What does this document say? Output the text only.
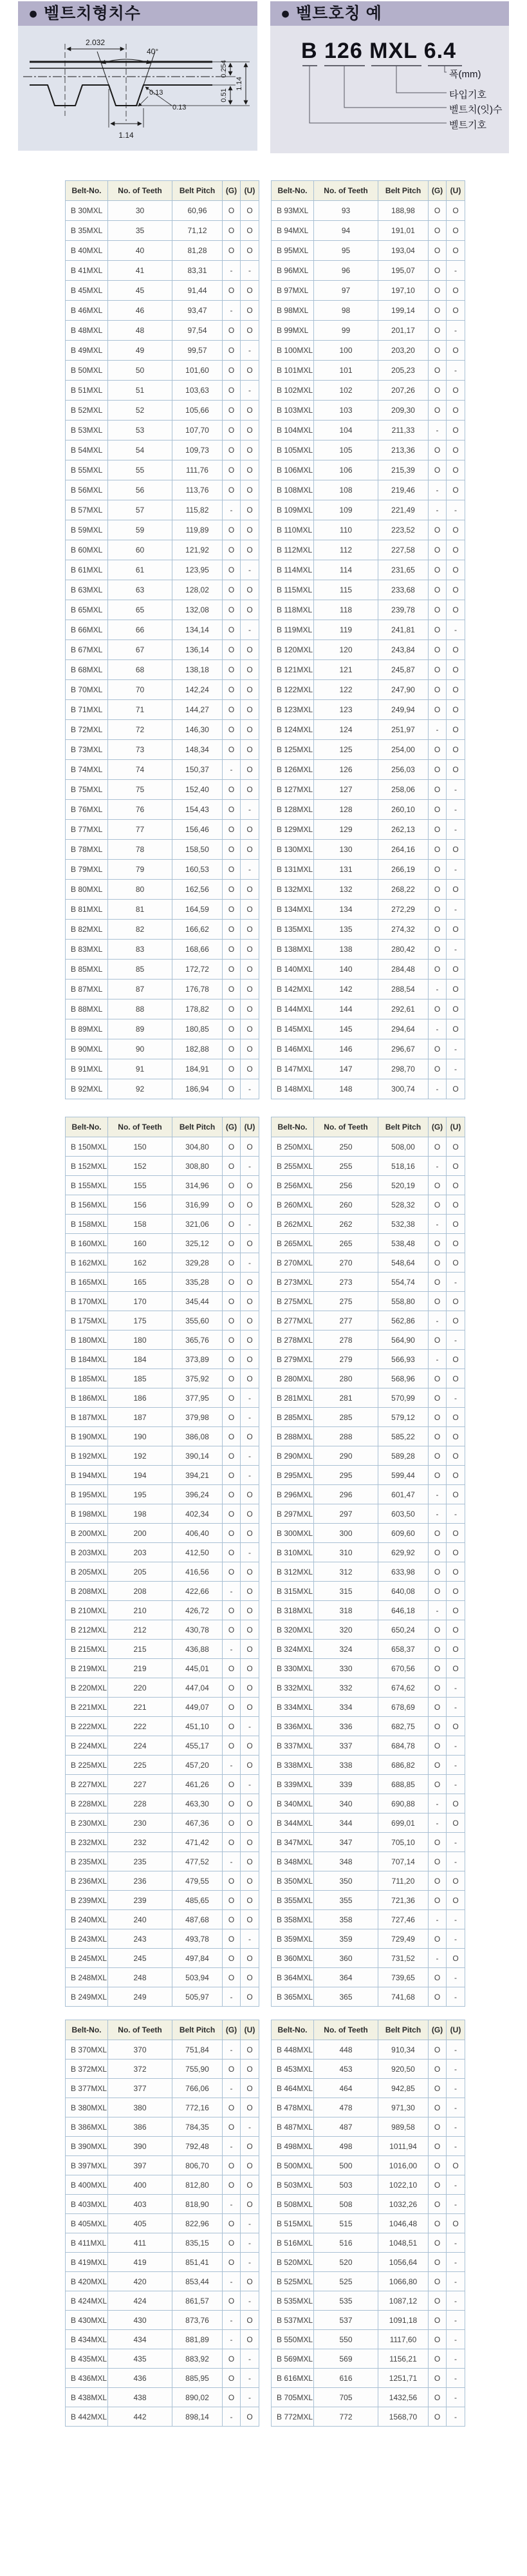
● 벨트치형치수
2.032
40°
0.254
0.51
1.14
0.13
0.13
1.14
● 벨트호칭 예
B 126 MXL 6.4
폭(mm)
타입기호
벨트치(잇)수
벨트기호
Belt-No.	No. of Teeth	Belt Pitch	(G)	(U)
B 30MXL	30	60,96	O	O
B 35MXL	35	71,12	O	O
B 40MXL	40	81,28	O	O
B 41MXL	41	83,31	-	-
B 45MXL	45	91,44	O	O
B 46MXL	46	93,47	-	O
B 48MXL	48	97,54	O	O
B 49MXL	49	99,57	O	-
B 50MXL	50	101,60	O	O
B 51MXL	51	103,63	O	-
B 52MXL	52	105,66	O	O
B 53MXL	53	107,70	O	O
B 54MXL	54	109,73	O	O
B 55MXL	55	111,76	O	O
B 56MXL	56	113,76	O	O
B 57MXL	57	115,82	-	O
B 59MXL	59	119,89	O	O
B 60MXL	60	121,92	O	O
B 61MXL	61	123,95	O	-
B 63MXL	63	128,02	O	O
B 65MXL	65	132,08	O	O
B 66MXL	66	134,14	O	-
B 67MXL	67	136,14	O	O
B 68MXL	68	138,18	O	O
B 70MXL	70	142,24	O	O
B 71MXL	71	144,27	O	O
B 72MXL	72	146,30	O	O
B 73MXL	73	148,34	O	O
B 74MXL	74	150,37	-	O
B 75MXL	75	152,40	O	O
B 76MXL	76	154,43	O	-
B 77MXL	77	156,46	O	O
B 78MXL	78	158,50	O	O
B 79MXL	79	160,53	O	-
B 80MXL	80	162,56	O	O
B 81MXL	81	164,59	O	O
B 82MXL	82	166,62	O	O
B 83MXL	83	168,66	O	O
B 85MXL	85	172,72	O	O
B 87MXL	87	176,78	O	O
B 88MXL	88	178,82	O	O
B 89MXL	89	180,85	O	O
B 90MXL	90	182,88	O	O
B 91MXL	91	184,91	O	O
B 92MXL	92	186,94	O	-
Belt-No.	No. of Teeth	Belt Pitch	(G)	(U)
B 93MXL	93	188,98	O	O
B 94MXL	94	191,01	O	O
B 95MXL	95	193,04	O	O
B 96MXL	96	195,07	O	-
B 97MXL	97	197,10	O	O
B 98MXL	98	199,14	O	O
B 99MXL	99	201,17	O	-
B 100MXL	100	203,20	O	O
B 101MXL	101	205,23	O	-
B 102MXL	102	207,26	O	O
B 103MXL	103	209,30	O	O
B 104MXL	104	211,33	-	O
B 105MXL	105	213,36	O	O
B 106MXL	106	215,39	O	O
B 108MXL	108	219,46	-	O
B 109MXL	109	221,49	-	-
B 110MXL	110	223,52	O	O
B 112MXL	112	227,58	O	O
B 114MXL	114	231,65	O	O
B 115MXL	115	233,68	O	O
B 118MXL	118	239,78	O	O
B 119MXL	119	241,81	O	-
B 120MXL	120	243,84	O	O
B 121MXL	121	245,87	O	O
B 122MXL	122	247,90	O	O
B 123MXL	123	249,94	O	O
B 124MXL	124	251,97	-	O
B 125MXL	125	254,00	O	O
B 126MXL	126	256,03	O	O
B 127MXL	127	258,06	O	-
B 128MXL	128	260,10	O	-
B 129MXL	129	262,13	O	-
B 130MXL	130	264,16	O	O
B 131MXL	131	266,19	O	-
B 132MXL	132	268,22	O	O
B 134MXL	134	272,29	O	-
B 135MXL	135	274,32	O	O
B 138MXL	138	280,42	O	-
B 140MXL	140	284,48	O	O
B 142MXL	142	288,54	-	O
B 144MXL	144	292,61	O	O
B 145MXL	145	294,64	-	O
B 146MXL	146	296,67	O	-
B 147MXL	147	298,70	O	-
B 148MXL	148	300,74	-	O
Belt-No.	No. of Teeth	Belt Pitch	(G)	(U)
B 150MXL	150	304,80	O	O
B 152MXL	152	308,80	O	-
B 155MXL	155	314,96	O	O
B 156MXL	156	316,99	O	O
B 158MXL	158	321,06	O	-
B 160MXL	160	325,12	O	O
B 162MXL	162	329,28	O	-
B 165MXL	165	335,28	O	O
B 170MXL	170	345,44	O	O
B 175MXL	175	355,60	O	O
B 180MXL	180	365,76	O	O
B 184MXL	184	373,89	O	O
B 185MXL	185	375,92	O	O
B 186MXL	186	377,95	O	-
B 187MXL	187	379,98	O	-
B 190MXL	190	386,08	O	O
B 192MXL	192	390,14	O	-
B 194MXL	194	394,21	O	-
B 195MXL	195	396,24	O	O
B 198MXL	198	402,34	O	O
B 200MXL	200	406,40	O	O
B 203MXL	203	412,50	O	-
B 205MXL	205	416,56	O	O
B 208MXL	208	422,66	-	O
B 210MXL	210	426,72	O	O
B 212MXL	212	430,78	O	O
B 215MXL	215	436,88	-	O
B 219MXL	219	445,01	O	O
B 220MXL	220	447,04	O	O
B 221MXL	221	449,07	O	O
B 222MXL	222	451,10	O	-
B 224MXL	224	455,17	O	O
B 225MXL	225	457,20	-	O
B 227MXL	227	461,26	O	-
B 228MXL	228	463,30	O	O
B 230MXL	230	467,36	O	O
B 232MXL	232	471,42	O	O
B 235MXL	235	477,52	-	O
B 236MXL	236	479,55	O	O
B 239MXL	239	485,65	O	O
B 240MXL	240	487,68	O	O
B 243MXL	243	493,78	O	-
B 245MXL	245	497,84	O	O
B 248MXL	248	503,94	O	O
B 249MXL	249	505,97	-	O
Belt-No.	No. of Teeth	Belt Pitch	(G)	(U)
B 250MXL	250	508,00	O	O
B 255MXL	255	518,16	-	O
B 256MXL	256	520,19	O	O
B 260MXL	260	528,32	O	O
B 262MXL	262	532,38	-	O
B 265MXL	265	538,48	O	O
B 270MXL	270	548,64	O	O
B 273MXL	273	554,74	O	-
B 275MXL	275	558,80	O	O
B 277MXL	277	562,86	-	O
B 278MXL	278	564,90	O	-
B 279MXL	279	566,93	-	O
B 280MXL	280	568,96	O	O
B 281MXL	281	570,99	O	-
B 285MXL	285	579,12	O	O
B 288MXL	288	585,22	O	O
B 290MXL	290	589,28	O	O
B 295MXL	295	599,44	O	O
B 296MXL	296	601,47	-	O
B 297MXL	297	603,50	-	-
B 300MXL	300	609,60	O	O
B 310MXL	310	629,92	O	O
B 312MXL	312	633,98	O	O
B 315MXL	315	640,08	O	O
B 318MXL	318	646,18	-	O
B 320MXL	320	650,24	O	O
B 324MXL	324	658,37	O	O
B 330MXL	330	670,56	O	O
B 332MXL	332	674,62	O	-
B 334MXL	334	678,69	O	-
B 336MXL	336	682,75	O	O
B 337MXL	337	684,78	O	-
B 338MXL	338	686,82	O	-
B 339MXL	339	688,85	O	-
B 340MXL	340	690,88	-	O
B 344MXL	344	699,01	-	O
B 347MXL	347	705,10	O	-
B 348MXL	348	707,14	O	-
B 350MXL	350	711,20	O	O
B 355MXL	355	721,36	O	O
B 358MXL	358	727,46	-	-
B 359MXL	359	729,49	O	-
B 360MXL	360	731,52	-	O
B 364MXL	364	739,65	O	-
B 365MXL	365	741,68	O	-
Belt-No.	No. of Teeth	Belt Pitch	(G)	(U)
B 370MXL	370	751,84	-	O
B 372MXL	372	755,90	O	O
B 377MXL	377	766,06	-	O
B 380MXL	380	772,16	O	O
B 386MXL	386	784,35	O	-
B 390MXL	390	792,48	-	O
B 397MXL	397	806,70	O	O
B 400MXL	400	812,80	O	O
B 403MXL	403	818,90	-	O
B 405MXL	405	822,96	O	-
B 411MXL	411	835,15	O	-
B 419MXL	419	851,41	O	-
B 420MXL	420	853,44	-	O
B 424MXL	424	861,57	O	-
B 430MXL	430	873,76	-	O
B 434MXL	434	881,89	-	O
B 435MXL	435	883,92	O	-
B 436MXL	436	885,95	O	-
B 438MXL	438	890,02	O	-
B 442MXL	442	898,14	-	O
Belt-No.	No. of Teeth	Belt Pitch	(G)	(U)
B 448MXL	448	910,34	O	-
B 453MXL	453	920,50	O	-
B 464MXL	464	942,85	O	-
B 478MXL	478	971,30	O	-
B 487MXL	487	989,58	O	-
B 498MXL	498	1011,94	O	-
B 500MXL	500	1016,00	O	O
B 503MXL	503	1022,10	O	-
B 508MXL	508	1032,26	O	-
B 515MXL	515	1046,48	O	O
B 516MXL	516	1048,51	O	-
B 520MXL	520	1056,64	O	-
B 525MXL	525	1066,80	O	-
B 535MXL	535	1087,12	O	-
B 537MXL	537	1091,18	O	-
B 550MXL	550	1117,60	O	-
B 569MXL	569	1156,21	O	-
B 616MXL	616	1251,71	O	-
B 705MXL	705	1432,56	O	-
B 772MXL	772	1568,70	O	-
